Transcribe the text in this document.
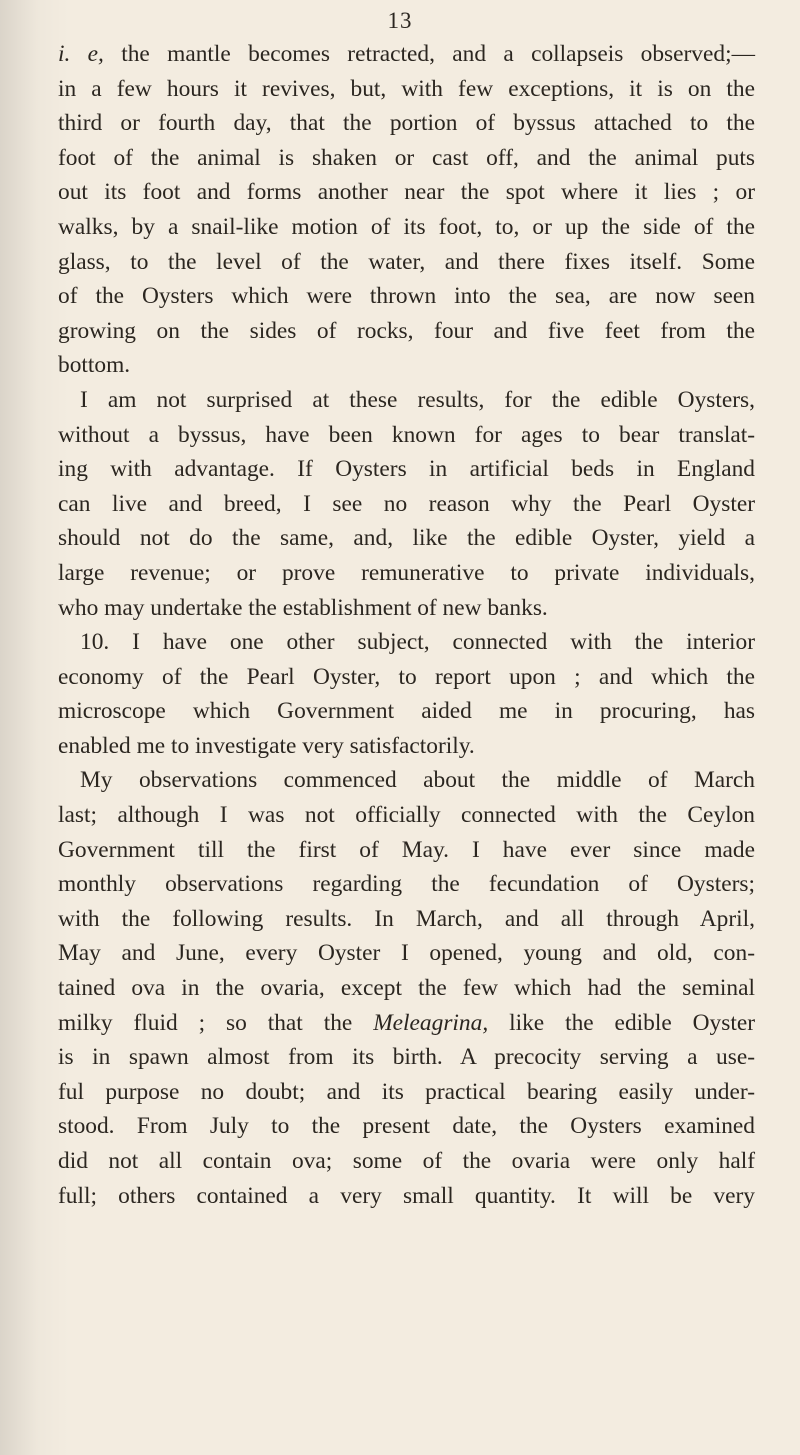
13
i. e, the mantle becomes retracted, and a collapseis observed;—
in a few hours it revives, but, with few exceptions, it is on the
third or fourth day, that the portion of byssus attached to the
foot of the animal is shaken or cast off, and the animal puts
out its foot and forms another near the spot where it lies ; or
walks, by a snail-like motion of its foot, to, or up the side of the
glass, to the level of the water, and there fixes itself. Some
of the Oysters which were thrown into the sea, are now seen
growing on the sides of rocks, four and five feet from the
bottom.
I am not surprised at these results, for the edible Oysters,
without a byssus, have been known for ages to bear translat-
ing with advantage. If Oysters in artificial beds in England
can live and breed, I see no reason why the Pearl Oyster
should not do the same, and, like the edible Oyster, yield a
large revenue; or prove remunerative to private individuals,
who may undertake the establishment of new banks.
10. I have one other subject, connected with the interior
economy of the Pearl Oyster, to report upon ; and which the
microscope which Government aided me in procuring, has
enabled me to investigate very satisfactorily.
My observations commenced about the middle of March
last; although I was not officially connected with the Ceylon
Government till the first of May. I have ever since made
monthly observations regarding the fecundation of Oysters;
with the following results. In March, and all through April,
May and June, every Oyster I opened, young and old, con-
tained ova in the ovaria, except the few which had the seminal
milky fluid ; so that the Meleagrina, like the edible Oyster
is in spawn almost from its birth. A precocity serving a use-
ful purpose no doubt; and its practical bearing easily under-
stood. From July to the present date, the Oysters examined
did not all contain ova; some of the ovaria were only half
full; others contained a very small quantity. It will be very
